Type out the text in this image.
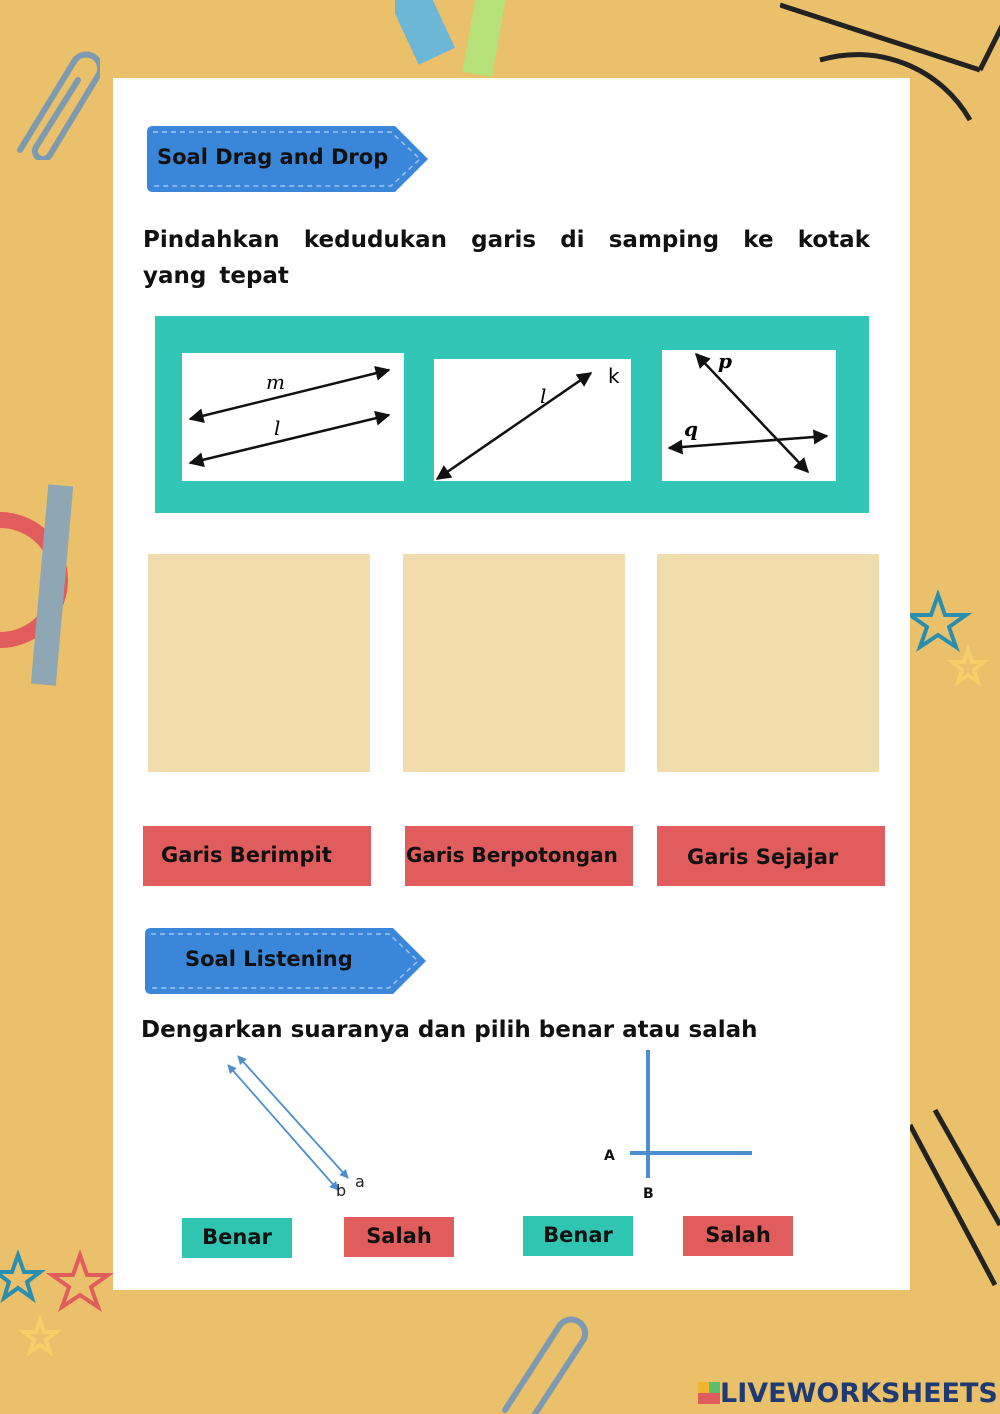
Soal Drag and Drop
Pindahkan kedudukan garis di samping ke kotak yang tepat
m
l
l
k
p
q
Garis Berimpit	Garis Berpotongan	Garis Sejajar
Soal Listening
Dengarkan suaranya dan pilih benar atau salah
b a
A
B
Benar	Salah	Benar	Salah
LIVEWORKSHEETS
